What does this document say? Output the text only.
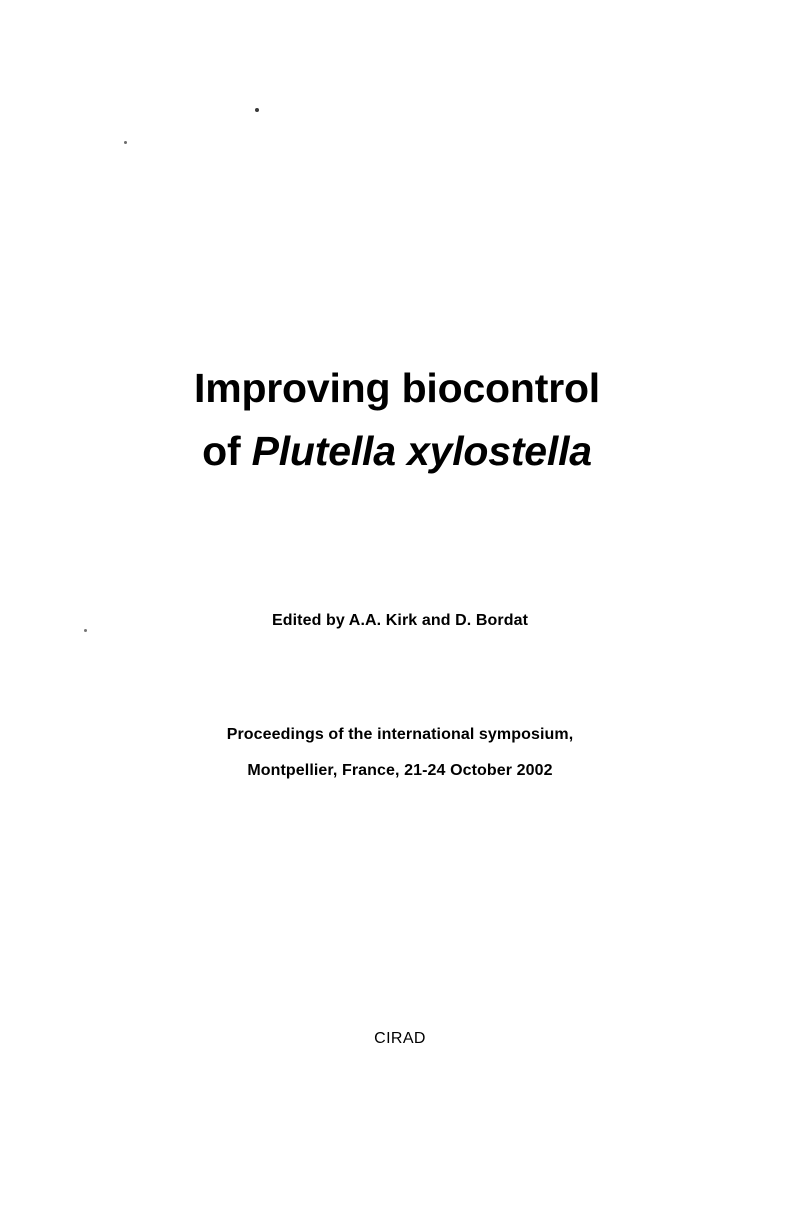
Improving biocontrol
of Plutella xylostella
Edited by A.A. Kirk and D. Bordat
Proceedings of the international symposium,
Montpellier, France, 21-24 October 2002
CIRAD
